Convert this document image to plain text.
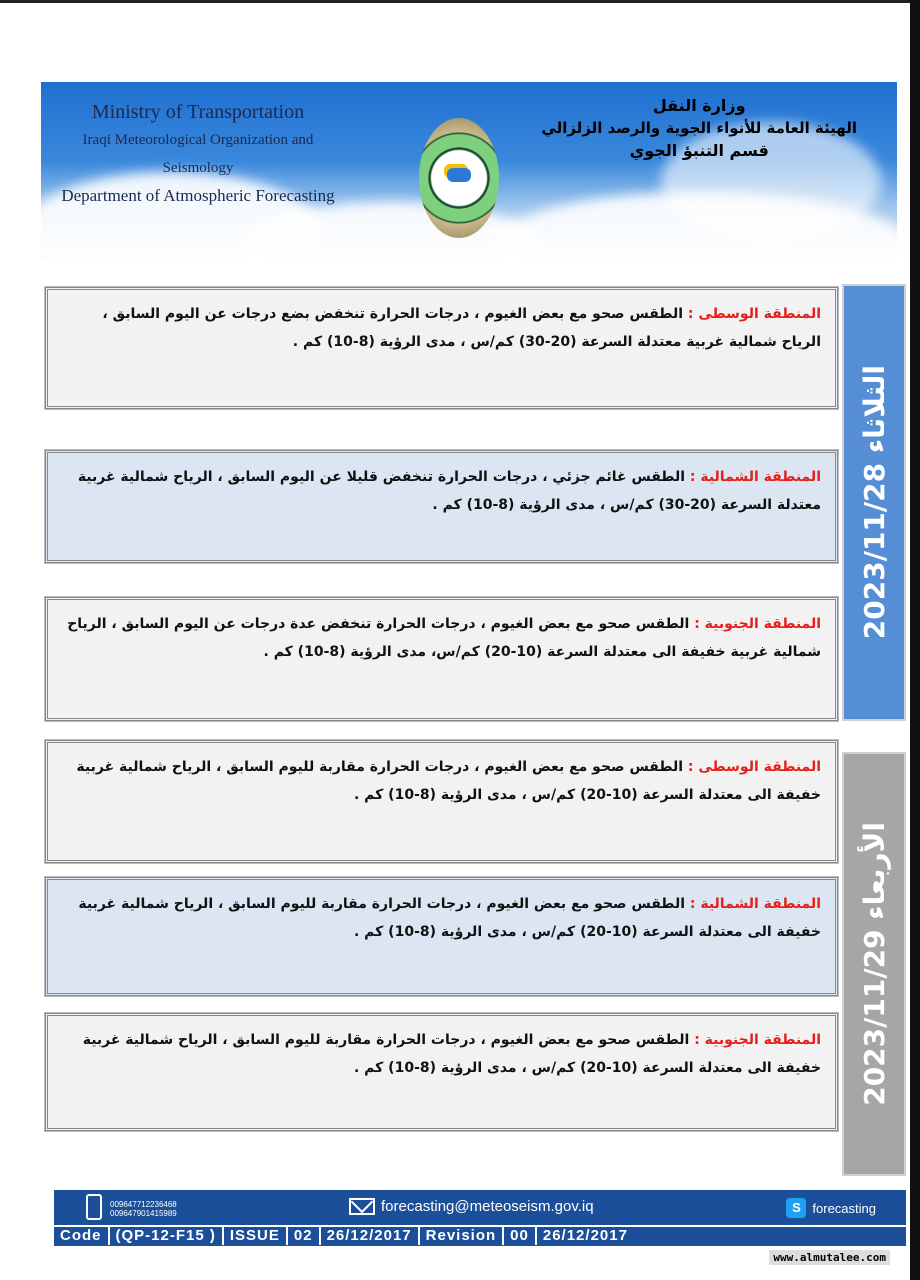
Ministry of Transportation
Iraqi Meteorological Organization and Seismology
Department of Atmospheric Forecasting
وزارة النقل
الهيئة العامة للأنواء الجوية والرصد الزلزالي
قسم التنبؤ الجوي
المنطقة الوسطى : الطقس صحو مع بعض الغيوم ، درجات الحرارة تنخفض بضع درجات عن اليوم السابق ، الرياح شمالية غربية معتدلة السرعة (20-30) كم/س ، مدى الرؤية (8-10) كم .
المنطقة الشمالية : الطقس غائم جزئي ، درجات الحرارة تنخفض قليلا عن اليوم السابق ، الرياح شمالية غربية معتدلة السرعة (20-30) كم/س ، مدى الرؤية (8-10) كم .
المنطقة الجنوبية : الطقس صحو مع بعض الغيوم ، درجات الحرارة تنخفض عدة درجات عن اليوم السابق ، الرياح شمالية غربية خفيفة الى معتدلة السرعة (10-20) كم/س، مدى الرؤية (8-10) كم .
الثلاثاء 2023/11/28
المنطقة الوسطى : الطقس صحو مع بعض الغيوم ، درجات الحرارة مقاربة لليوم السابق ، الرياح شمالية غربية خفيفة الى معتدلة السرعة (10-20) كم/س ، مدى الرؤية (8-10) كم .
المنطقة الشمالية : الطقس صحو مع بعض الغيوم ، درجات الحرارة مقاربة لليوم السابق ، الرياح شمالية غربية خفيفة الى معتدلة السرعة (10-20) كم/س ، مدى الرؤية (8-10) كم .
المنطقة الجنوبية : الطقس صحو مع بعض الغيوم ، درجات الحرارة مقاربة لليوم السابق ، الرياح شمالية غربية خفيفة الى معتدلة السرعة (10-20) كم/س ، مدى الرؤية (8-10) كم .	الأربعاء 2023/11/29
009647712236468
009647901415989	forecasting@meteoseism.gov.iq	S forecasting
Code (QP-12-F15 ) ISSUE 02 26/12/2017 Revision 00 26/12/2017
www.almutalee.com
